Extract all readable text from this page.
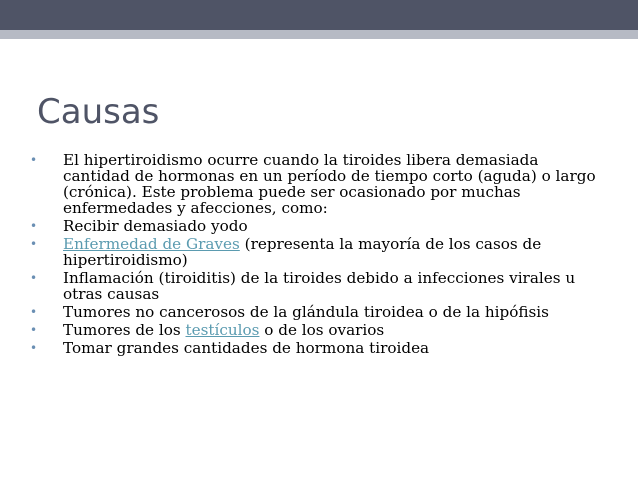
Causas
• El hipertiroidismo ocurre cuando la tiroides libera demasiada cantidad de hormonas en un período de tiempo corto (aguda) o largo (crónica). Este problema puede ser ocasionado por muchas enfermedades y afecciones, como:
• Recibir demasiado yodo
• Enfermedad de Graves (representa la mayoría de los casos de hipertiroidismo)
• Inflamación (tiroiditis) de la tiroides debido a infecciones virales u otras causas
• Tumores no cancerosos de la glándula tiroidea o de la hipófisis
• Tumores de los testículos o de los ovarios
• Tomar grandes cantidades de hormona tiroidea
